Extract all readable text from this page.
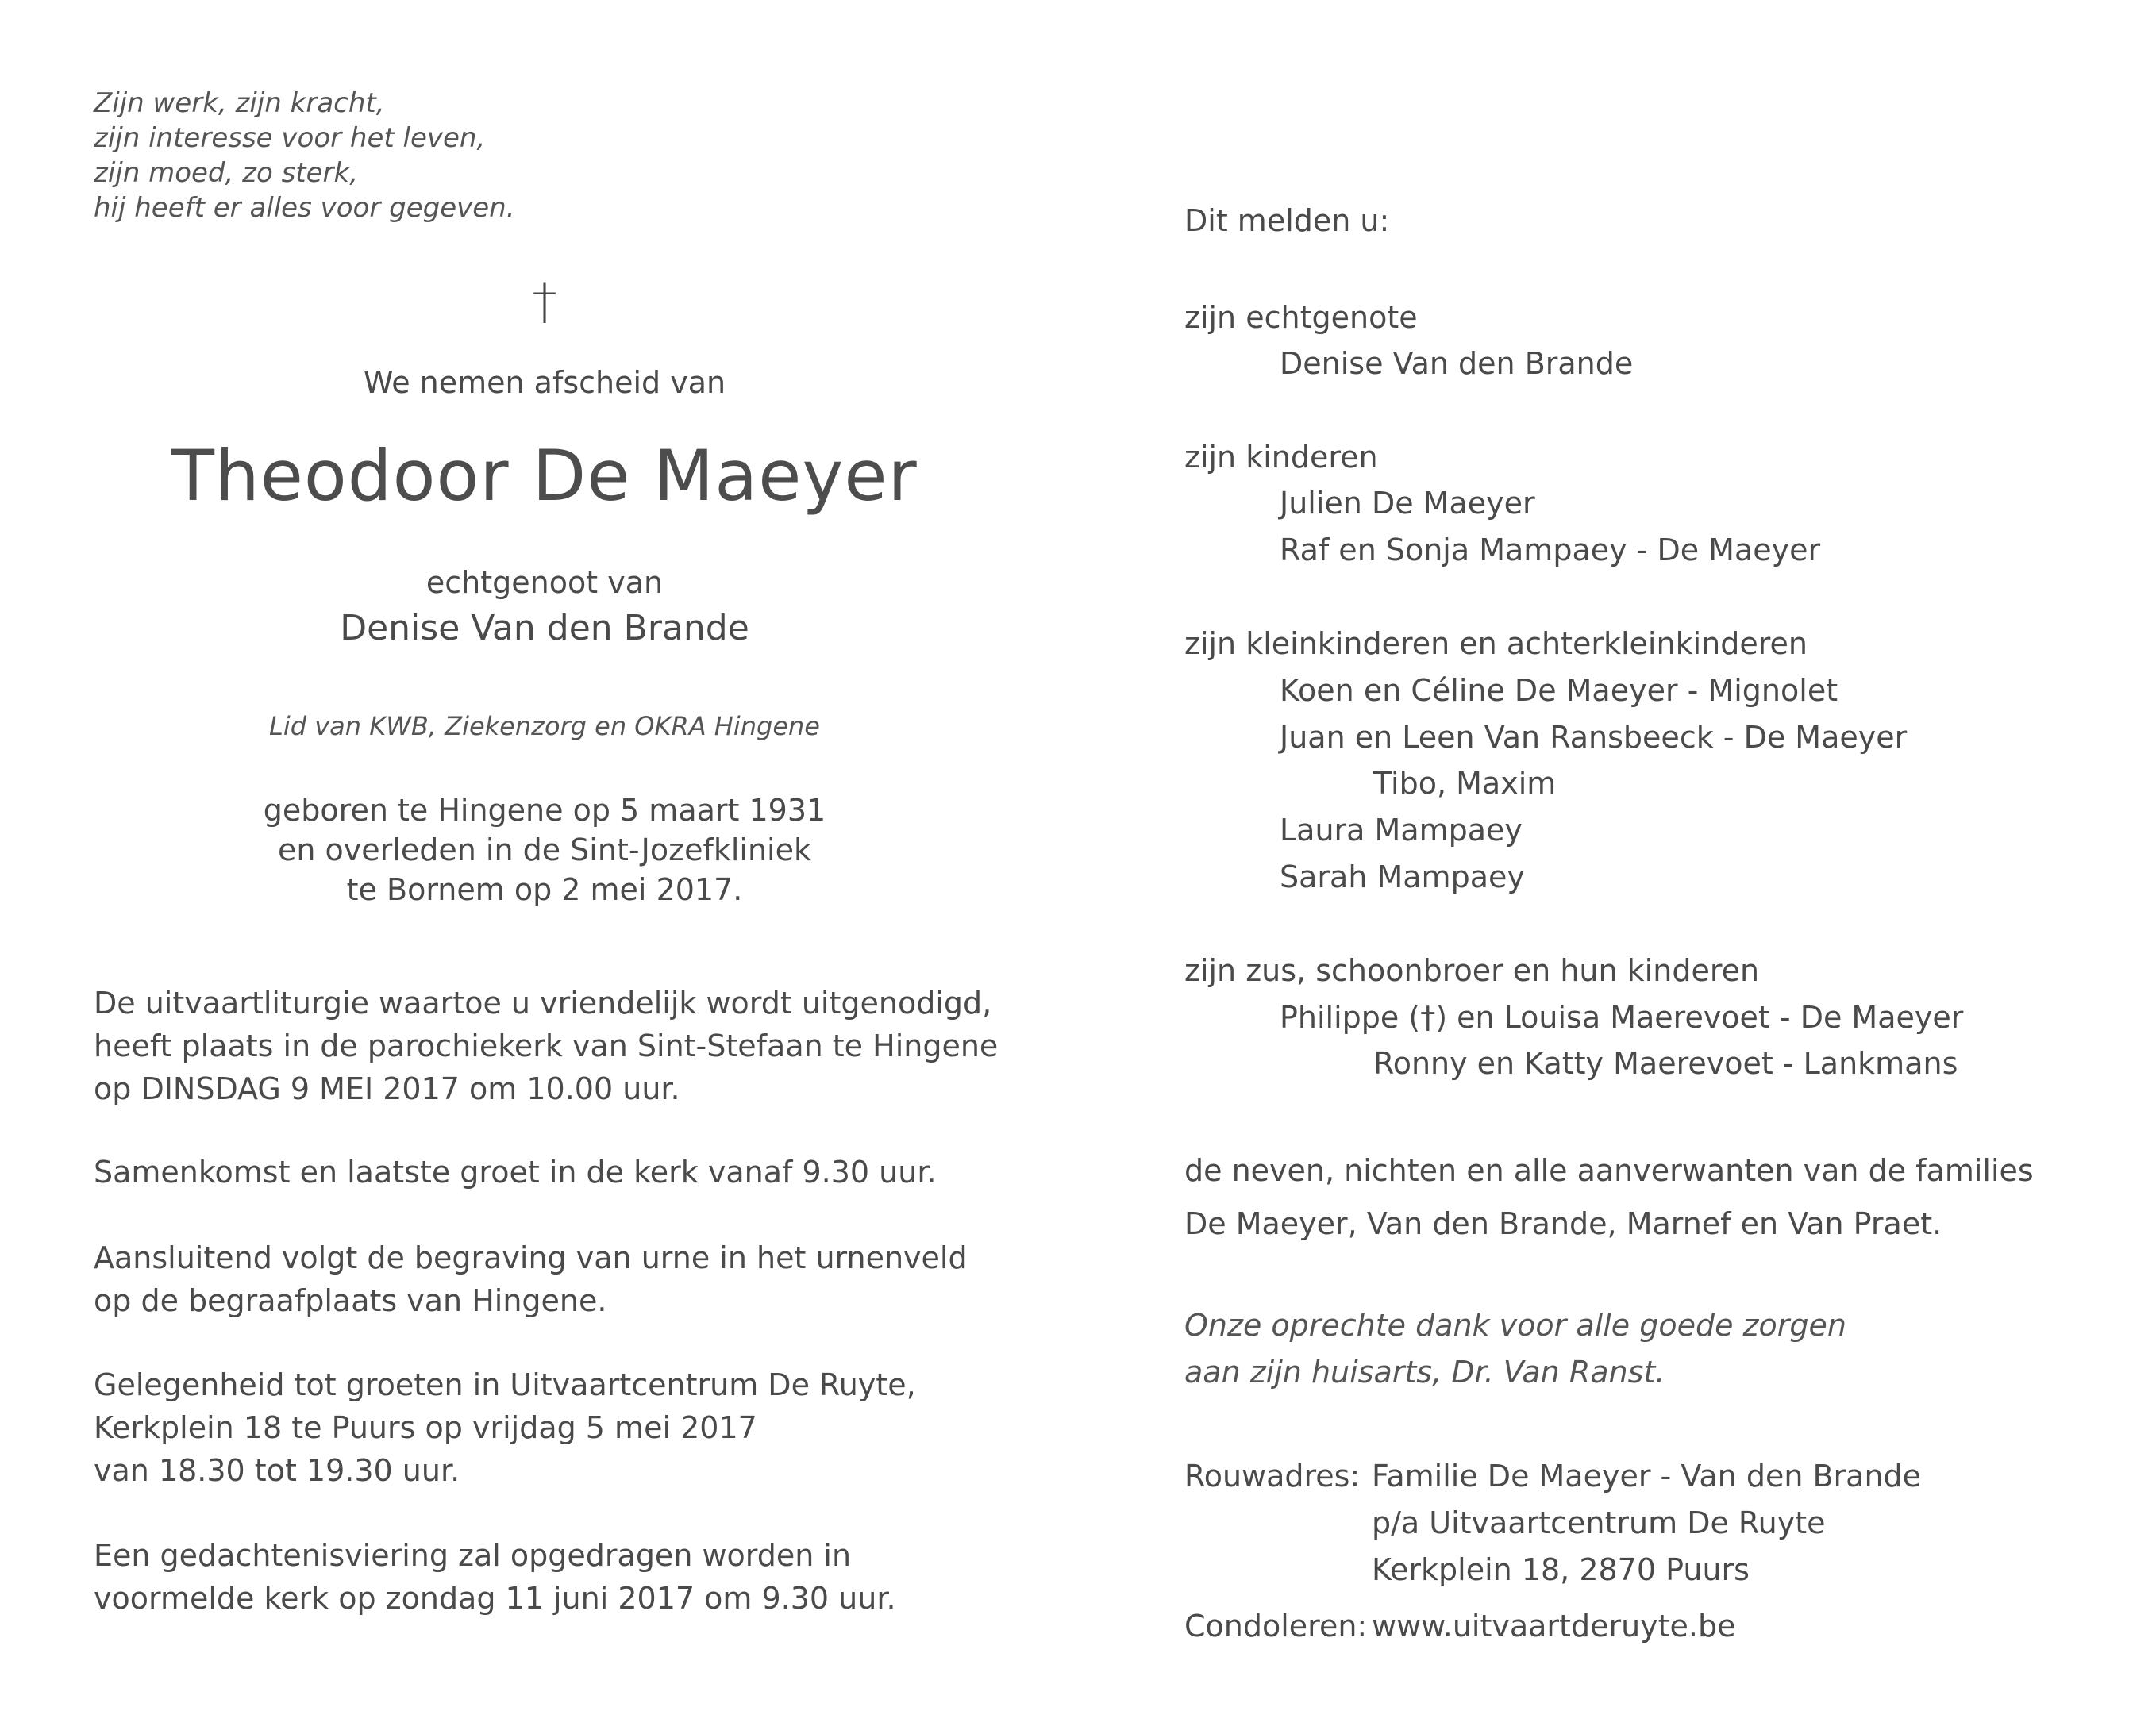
Zijn werk, zijn kracht,
zijn interesse voor het leven,
zijn moed, zo sterk,
hij heeft er alles voor gegeven.
†
We nemen afscheid van
Theodoor De Maeyer
echtgenoot van
Denise Van den Brande
Lid van KWB, Ziekenzorg en OKRA Hingene
geboren te Hingene op 5 maart 1931
en overleden in de Sint-Jozefkliniek
te Bornem op 2 mei 2017.
De uitvaartliturgie waartoe u vriendelijk wordt uitgenodigd,
heeft plaats in de parochiekerk van Sint-Stefaan te Hingene
op DINSDAG 9 MEI 2017 om 10.00 uur.
Samenkomst en laatste groet in de kerk vanaf 9.30 uur.
Aansluitend volgt de begraving van urne in het urnenveld
op de begraafplaats van Hingene.
Gelegenheid tot groeten in Uitvaartcentrum De Ruyte,
Kerkplein 18 te Puurs op vrijdag 5 mei 2017
van 18.30 tot 19.30 uur.
Een gedachtenisviering zal opgedragen worden in
voormelde kerk op zondag 11 juni 2017 om 9.30 uur.
Dit melden u:
zijn echtgenote
Denise Van den Brande
zijn kinderen
Julien De Maeyer
Raf en Sonja Mampaey - De Maeyer
zijn kleinkinderen en achterkleinkinderen
Koen en Céline De Maeyer - Mignolet
Juan en Leen Van Ransbeeck - De Maeyer
Tibo, Maxim
Laura Mampaey
Sarah Mampaey
zijn zus, schoonbroer en hun kinderen
Philippe (†) en Louisa Maerevoet - De Maeyer
Ronny en Katty Maerevoet - Lankmans
de neven, nichten en alle aanverwanten van de families
De Maeyer, Van den Brande, Marnef en Van Praet.
Onze oprechte dank voor alle goede zorgen
aan zijn huisarts, Dr. Van Ranst.
Rouwadres: Familie De Maeyer - Van den Brande
p/a Uitvaartcentrum De Ruyte
Kerkplein 18, 2870 Puurs
Condoleren: www.uitvaartderuyte.be
